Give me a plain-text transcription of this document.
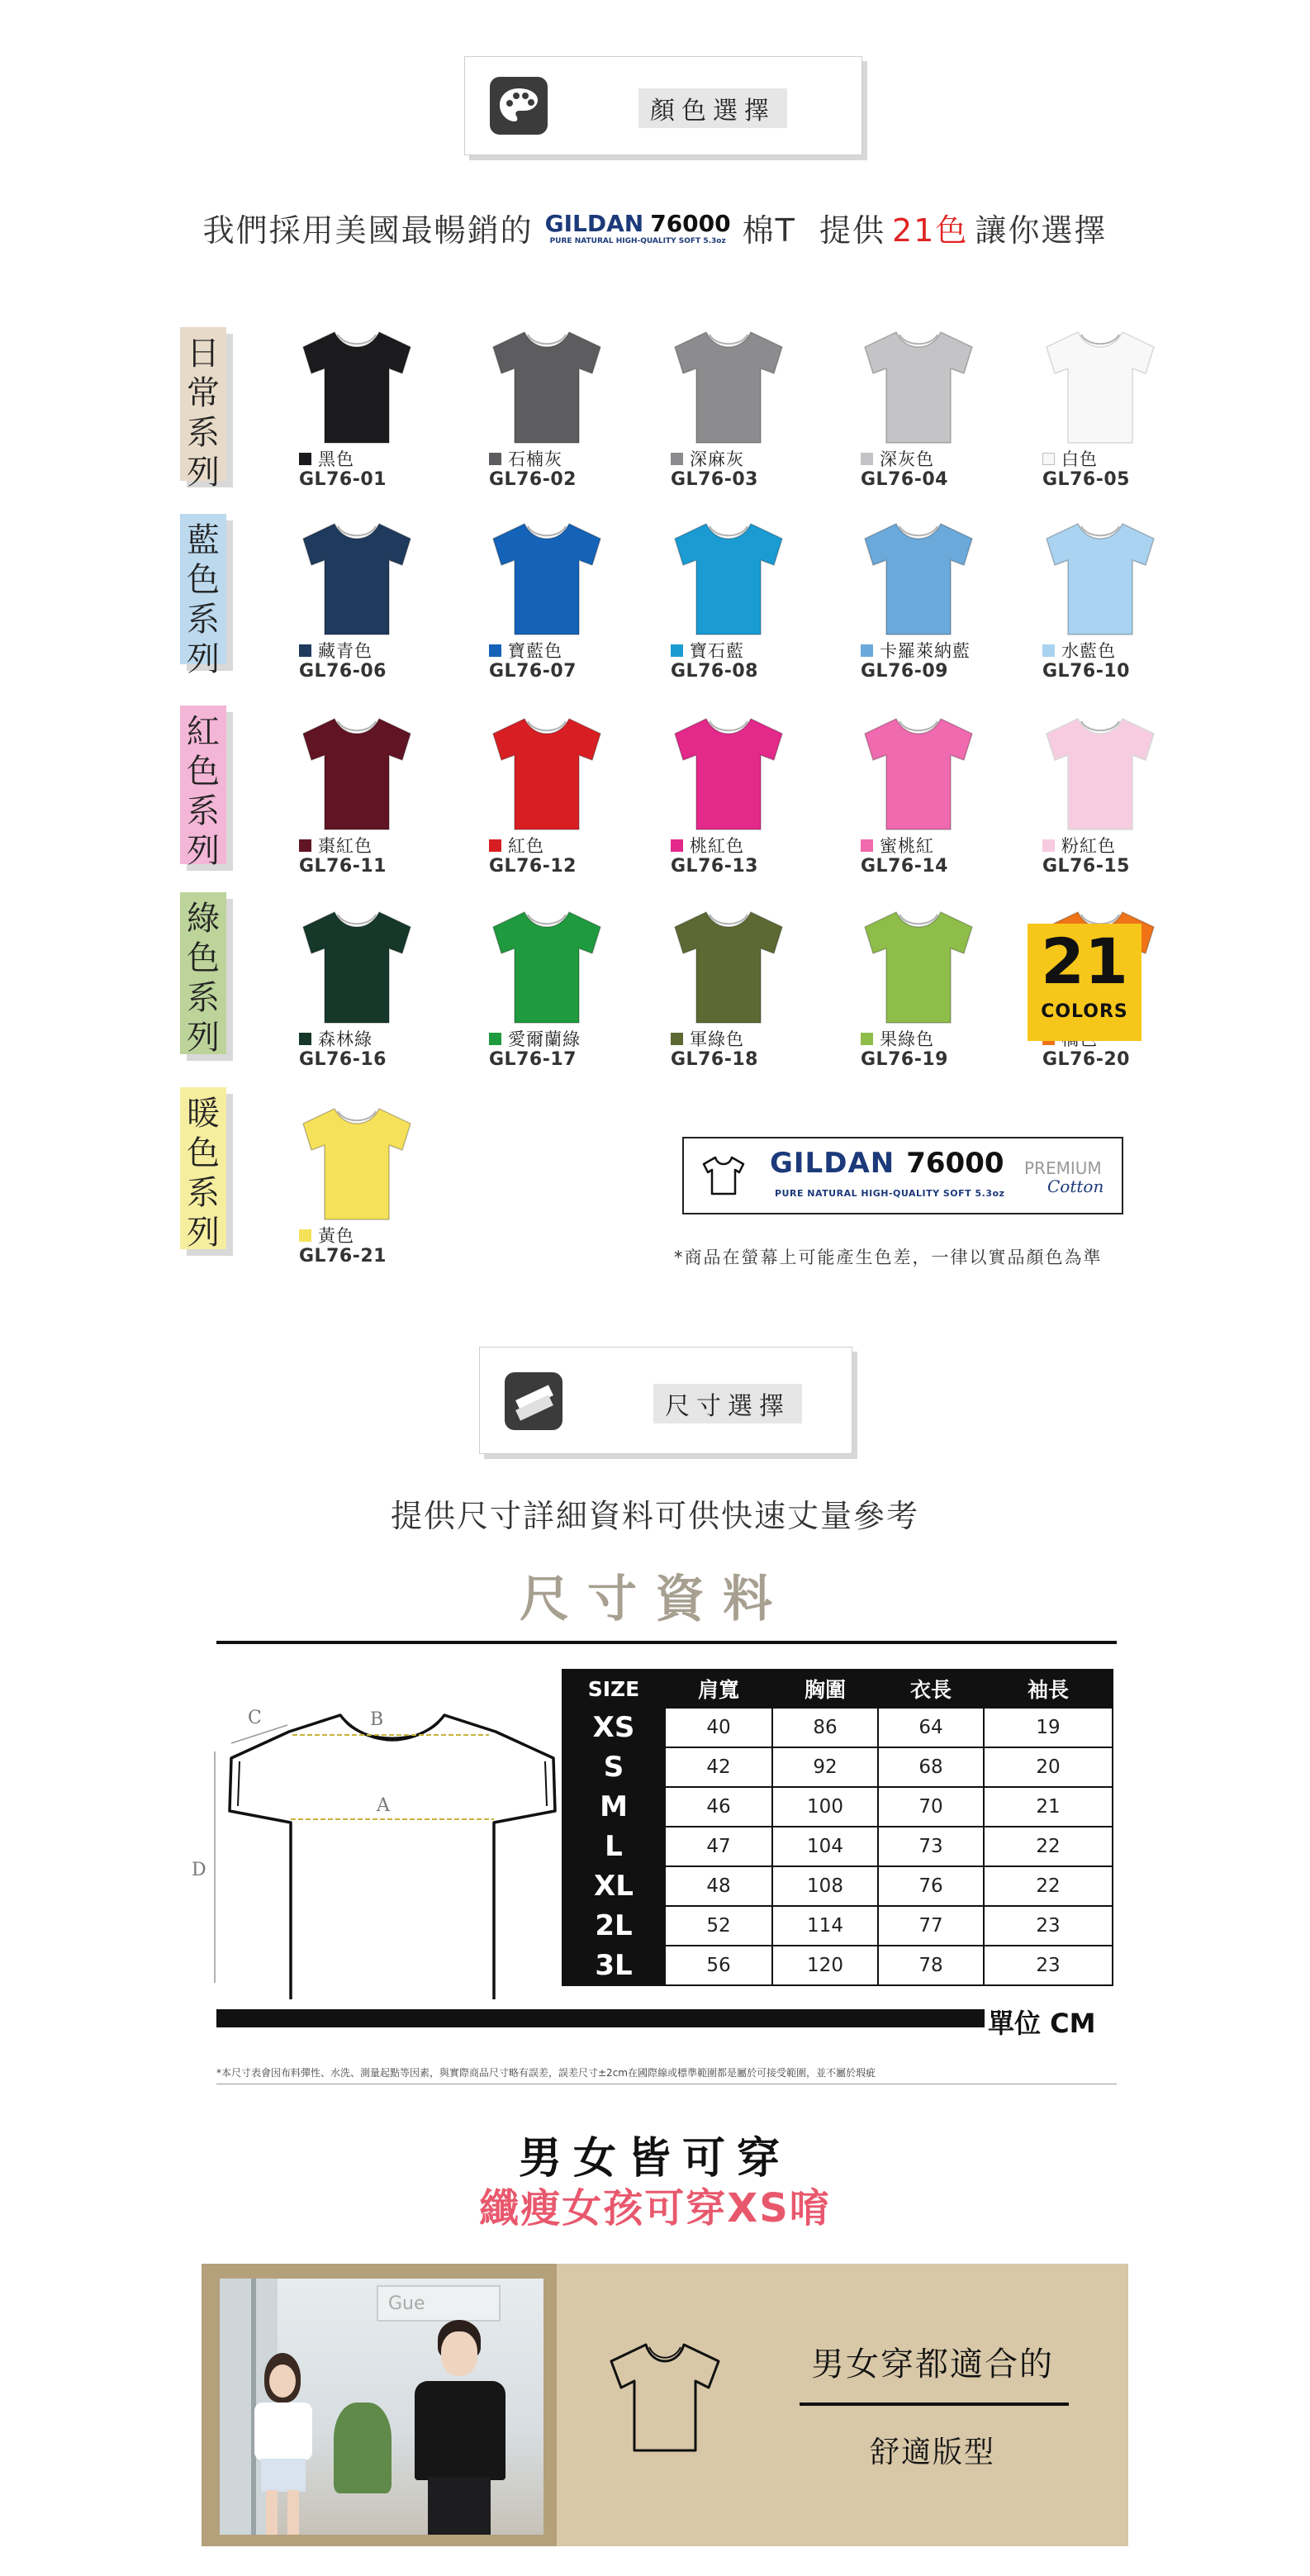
顏色選擇
我們採用美國最暢銷的 GILDAN 76000
PURE NATURAL HIGH-QUALITY SOFT 5.3oz 棉T  提供 21色 讓你選擇
日
常
系
列
藍
色
系
列
紅
色
系
列
綠
色
系
列
暖
色
系
列
黑色
GL76-01
石楠灰
GL76-02
深麻灰
GL76-03
深灰色
GL76-04
白色
GL76-05
藏青色
GL76-06
寶藍色
GL76-07
寶石藍
GL76-08
卡羅萊納藍
GL76-09
水藍色
GL76-10
棗紅色
GL76-11
紅色
GL76-12
桃紅色
GL76-13
蜜桃紅
GL76-14
粉紅色
GL76-15
森林綠
GL76-16
愛爾蘭綠
GL76-17
軍綠色
GL76-18
果綠色
GL76-19	GL76-20
黃色
GL76-21
21
COLORS
GILDAN 76000
PURE NATURAL HIGH-QUALITY SOFT 5.3oz
PREMIUM
Cotton
*商品在螢幕上可能產生色差，一律以實品顏色為準
尺寸選擇
提供尺寸詳細資料可供快速丈量參考
尺寸資料
C	B
A
D
SIZE	肩寬	胸圍	衣長	袖長
XS	40	86	64	19
S	42	92	68	20
M	46	100	70	21
L	47	104	73	22
XL	48	108	76	22
2L	52	114	77	23
3L	56	120	78	23
單位 CM
*本尺寸表會因布料彈性、水洗、測量起點等因素，與實際商品尺寸略有誤差，誤差尺寸±2cm在國際線或標準範圍都是屬於可接受範圍，並不屬於瑕疵
男女皆可穿
纖瘦女孩可穿XS唷
Gue
男女穿都適合的
舒適版型
